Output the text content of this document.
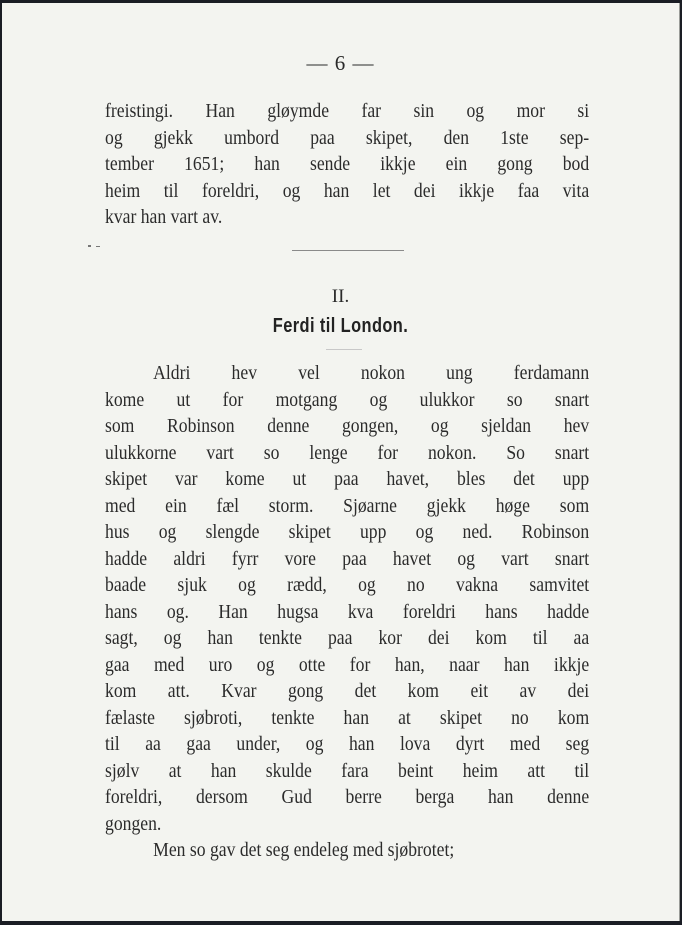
— 6 —
freistingi. Han gløymde far sin og mor si
og gjekk umbord paa skipet, den 1ste sep-
tember 1651; han sende ikkje ein gong bod
heim til foreldri, og han let dei ikkje faa vita
kvar han vart av.
II.
Ferdi til London.
Aldri hev vel nokon ung ferdamann
kome ut for motgang og ulukkor so snart
som Robinson denne gongen, og sjeldan hev
ulukkorne vart so lenge for nokon. So snart
skipet var kome ut paa havet, bles det upp
med ein fæl storm. Sjøarne gjekk høge som
hus og slengde skipet upp og ned. Robinson
hadde aldri fyrr vore paa havet og vart snart
baade sjuk og rædd, og no vakna samvitet
hans og. Han hugsa kva foreldri hans hadde
sagt, og han tenkte paa kor dei kom til aa
gaa med uro og otte for han, naar han ikkje
kom att. Kvar gong det kom eit av dei
fælaste sjøbroti, tenkte han at skipet no kom
til aa gaa under, og han lova dyrt med seg
sjølv at han skulde fara beint heim att til
foreldri, dersom Gud berre berga han denne
gongen.
Men so gav det seg endeleg med sjøbrotet;
